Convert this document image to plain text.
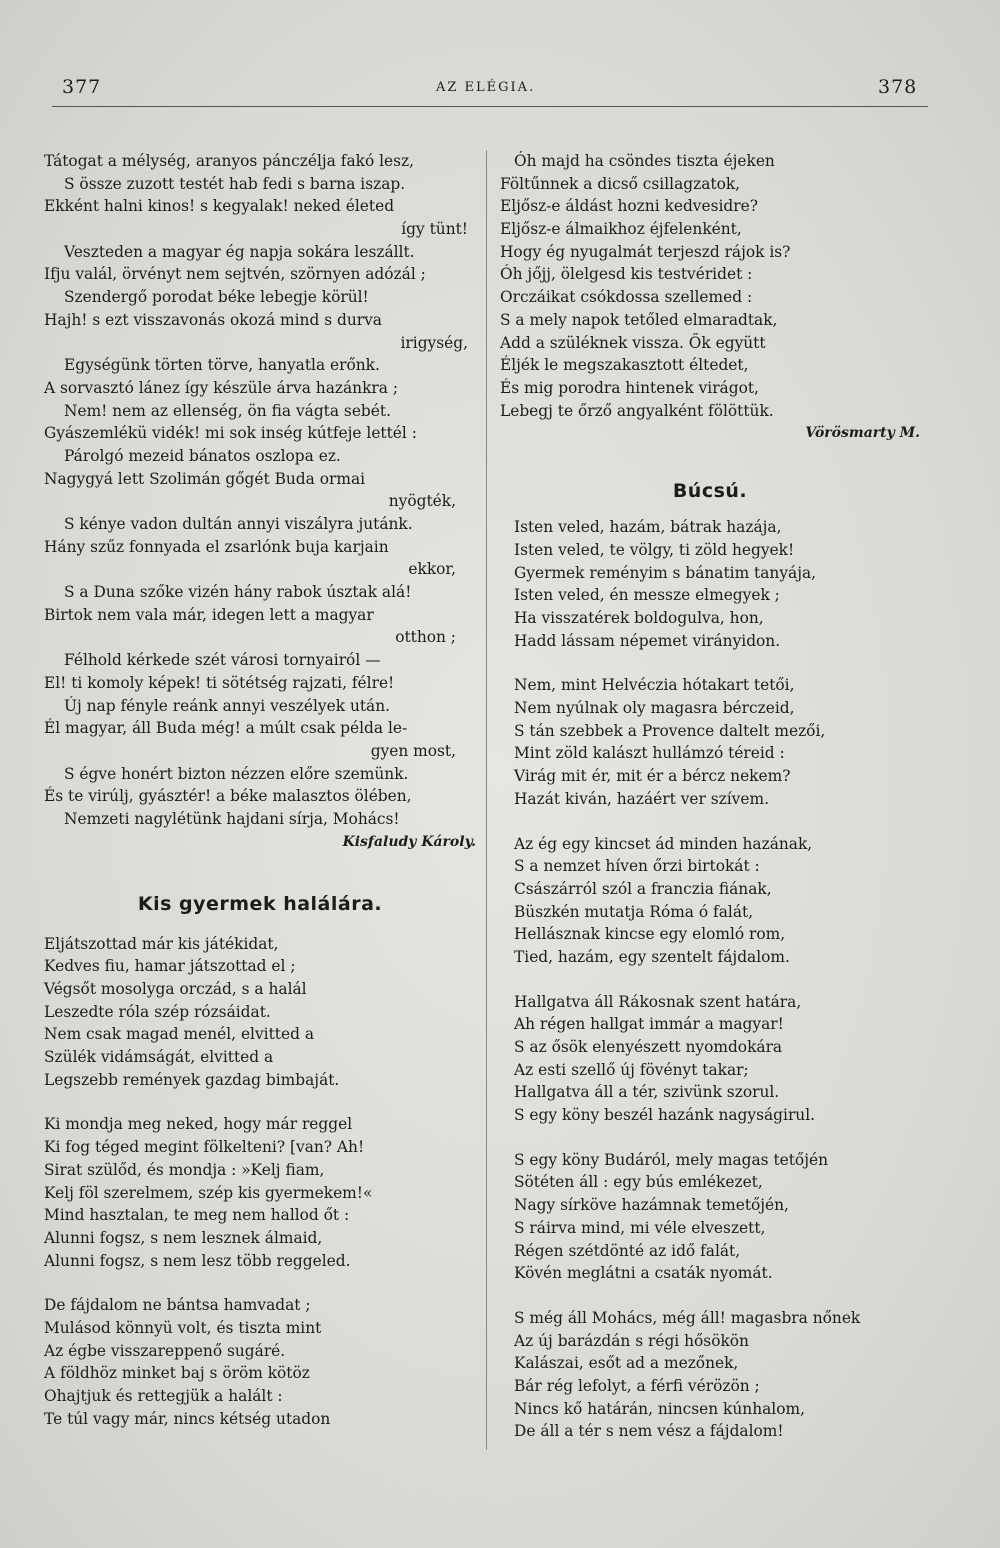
377	AZ ELÉGIA.	378
Tátogat a mélység, aranyos pánczélja fakó lesz,
S össze zuzott testét hab fedi s barna iszap.
Ekként halni kinos! s kegyalak! neked életed
így tünt!
Veszteden a magyar ég napja sokára leszállt.
Ifju valál, örvényt nem sejtvén, szörnyen adózál ;
Szendergő porodat béke lebegje körül!
Hajh! s ezt visszavonás okozá mind s durva
irigység,
Egységünk törten törve, hanyatla erőnk.
A sorvasztó lánez így készüle árva hazánkra ;
Nem! nem az ellenség, ön fia vágta sebét.
Gyászemlékü vidék! mi sok inség kútfeje lettél :
Párolgó mezeid bánatos oszlopa ez.
Nagygyá lett Szolimán gőgét Buda ormai
nyögték,
S kénye vadon dultán annyi viszályra jutánk.
Hány szűz fonnyada el zsarlónk buja karjain
ekkor,
S a Duna szőke vizén hány rabok úsztak alá!
Birtok nem vala már, idegen lett a magyar
otthon ;
Félhold kérkede szét városi tornyairól —
El! ti komoly képek! ti sötétség rajzati, félre!
Új nap fényle reánk annyi veszélyek után.
Él magyar, áll Buda még! a múlt csak példa le-
gyen most,
S égve honért bizton nézzen előre szemünk.
És te virúlj, gyásztér! a béke malasztos ölében,
Nemzeti nagylétünk hajdani sírja, Mohács!
Kisfaludy Károly.
Kis gyermek halálára.
Eljátszottad már kis játékidat,
Kedves fiu, hamar játszottad el ;
Végsőt mosolyga orczád, s a halál
Leszedte róla szép rózsáidat.
Nem csak magad menél, elvitted a
Szülék vidámságát, elvitted a
Legszebb remények gazdag bimbaját.
Ki mondja meg neked, hogy már reggel
Ki fog téged megint fölkelteni? [van? Ah!
Sirat szülőd, és mondja : »Kelj fiam,
Kelj föl szerelmem, szép kis gyermekem!«
Mind hasztalan, te meg nem hallod őt :
Alunni fogsz, s nem lesznek álmaid,
Alunni fogsz, s nem lesz több reggeled.
De fájdalom ne bántsa hamvadat ;
Mulásod könnyü volt, és tiszta mint
Az égbe visszareppenő sugáré.
A földhöz minket baj s öröm kötöz
Ohajtjuk és rettegjük a halált :
Te túl vagy már, nincs kétség utadon
Óh majd ha csöndes tiszta éjeken
Föltűnnek a dicső csillagzatok,
Eljősz-e áldást hozni kedvesidre?
Eljősz-e álmaikhoz éjfelenként,
Hogy ég nyugalmát terjeszd rájok is?
Óh jőjj, ölelgesd kis testvéridet :
Orczáikat csókdossa szellemed :
S a mely napok tetőled elmaradtak,
Add a szüléknek vissza. Ők együtt
Éljék le megszakasztott éltedet,
És mig porodra hintenek virágot,
Lebegj te őrző angyalként fölöttük.
Vörösmarty M.
Búcsú.
Isten veled, hazám, bátrak hazája,
Isten veled, te völgy, ti zöld hegyek!
Gyermek reményim s bánatim tanyája,
Isten veled, én messze elmegyek ;
Ha visszatérek boldogulva, hon,
Hadd lássam népemet virányidon.
Nem, mint Helvéczia hótakart tetői,
Nem nyúlnak oly magasra bérczeid,
S tán szebbek a Provence daltelt mezői,
Mint zöld kalászt hullámzó téreid :
Virág mit ér, mit ér a bércz nekem?
Hazát kiván, hazáért ver szívem.
Az ég egy kincset ád minden hazának,
S a nemzet híven őrzi birtokát :
Császárról szól a franczia fiának,
Büszkén mutatja Róma ó falát,
Hellásznak kincse egy elomló rom,
Tied, hazám, egy szentelt fájdalom.
Hallgatva áll Rákosnak szent határa,
Ah régen hallgat immár a magyar!
S az ősök elenyészett nyomdokára
Az esti szellő új fövényt takar;
Hallgatva áll a tér, szivünk szorul.
S egy köny beszél hazánk nagyságirul.
S egy köny Budáról, mely magas tetőjén
Sötéten áll : egy bús emlékezet,
Nagy sírköve hazámnak temetőjén,
S ráirva mind, mi véle elveszett,
Régen szétdönté az idő falát,
Kövén meglátni a csaták nyomát.
S még áll Mohács, még áll! magasbra nőnek
Az új barázdán s régi hősökön
Kalászai, esőt ad a mezőnek,
Bár rég lefolyt, a férfi vérözön ;
Nincs kő határán, nincsen kúnhalom,
De áll a tér s nem vész a fájdalom!
